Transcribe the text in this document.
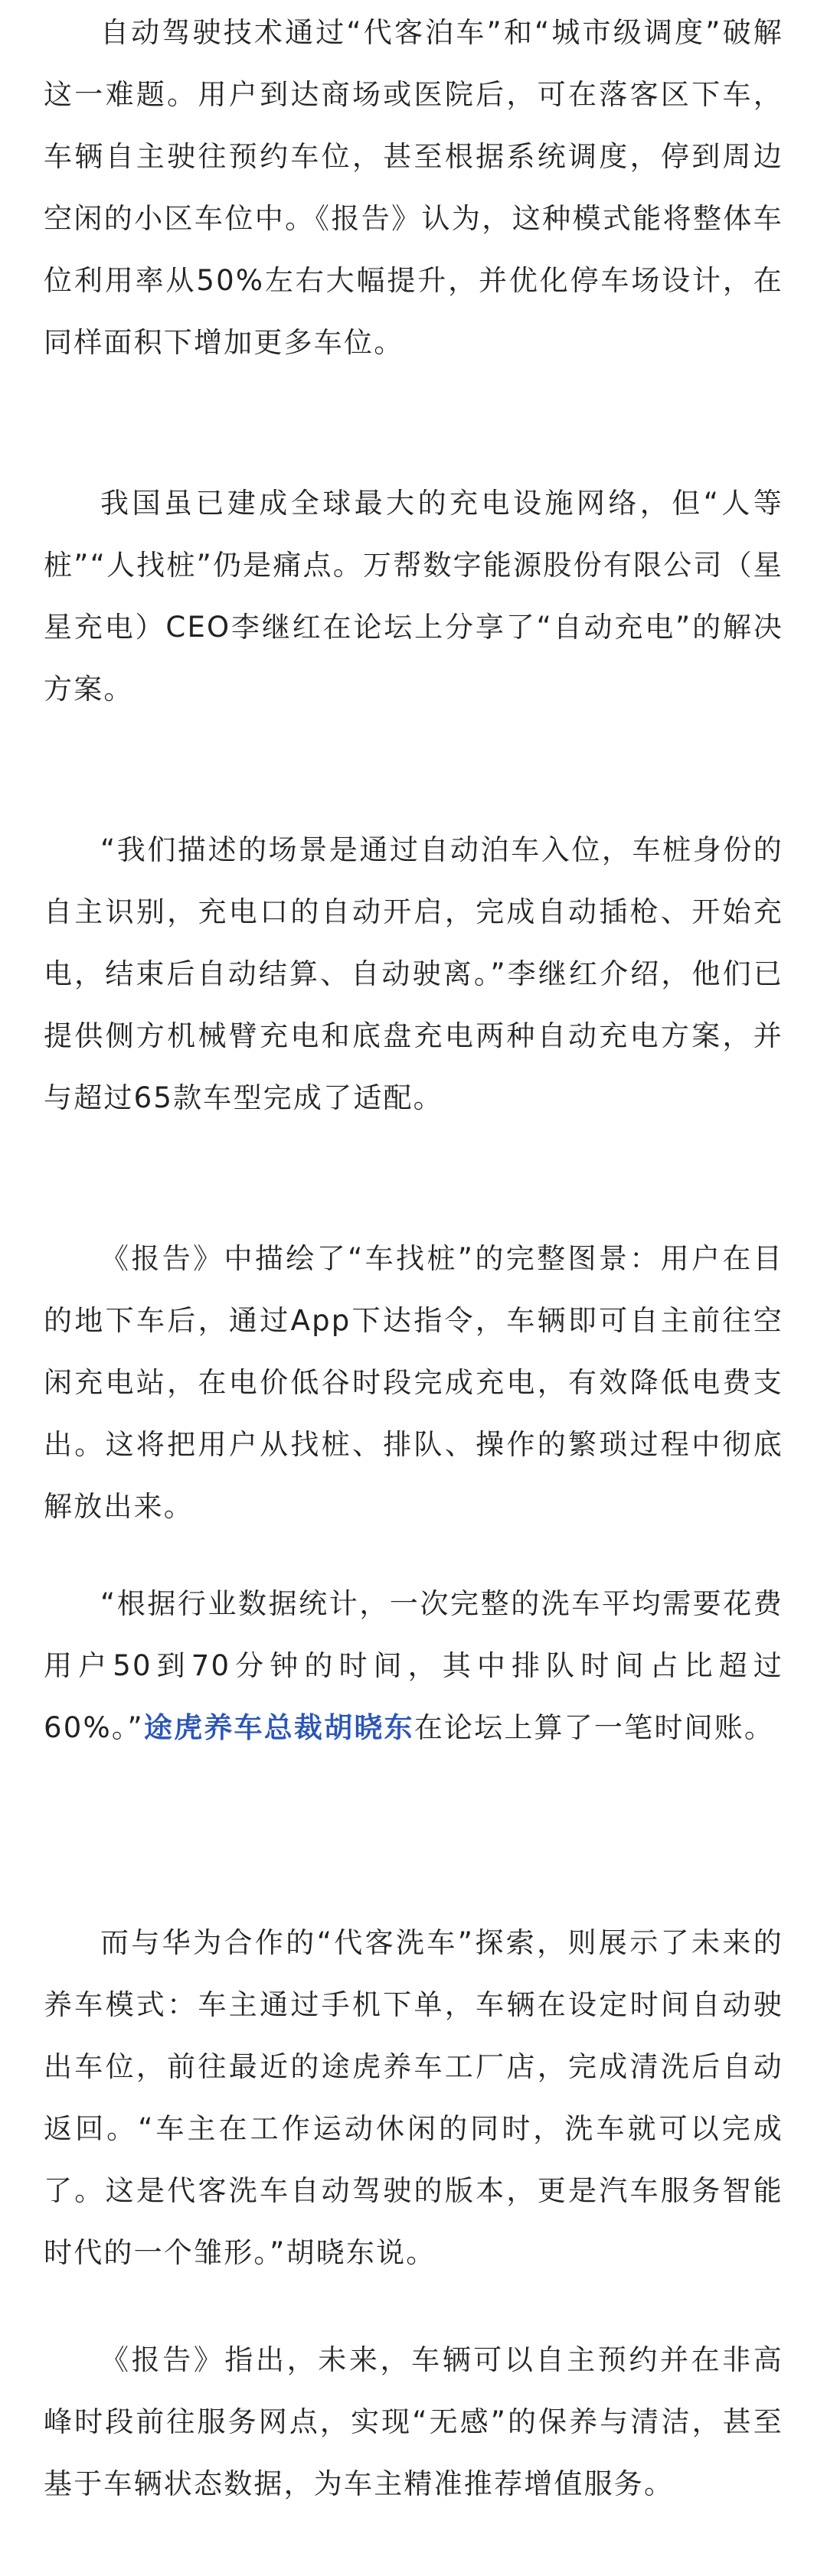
自动驾驶技术通过“代客泊车”和“城市级调度”破解这一难题。用户到达商场或医院后，可在落客区下车，车辆自主驶往预约车位，甚至根据系统调度，停到周边空闲的小区车位中。《报告》认为，这种模式能将整体车位利用率从50%左右大幅提升，并优化停车场设计，在同样面积下增加更多车位。

我国虽已建成全球最大的充电设施网络，但“人等桩”“人找桩”仍是痛点。万帮数字能源股份有限公司（星星充电）CEO李继红在论坛上分享了“自动充电”的解决方案。

“我们描述的场景是通过自动泊车入位，车桩身份的自主识别，充电口的自动开启，完成自动插枪、开始充电，结束后自动结算、自动驶离。”李继红介绍，他们已提供侧方机械臂充电和底盘充电两种自动充电方案，并与超过65款车型完成了适配。

《报告》中描绘了“车找桩”的完整图景：用户在目的地下车后，通过App下达指令，车辆即可自主前往空闲充电站，在电价低谷时段完成充电，有效降低电费支出。这将把用户从找桩、排队、操作的繁琐过程中彻底解放出来。

“根据行业数据统计，一次完整的洗车平均需要花费用户50到70分钟的时间，其中排队时间占比超过60%。”途虎养车总裁胡晓东在论坛上算了一笔时间账。

而与华为合作的“代客洗车”探索，则展示了未来的养车模式：车主通过手机下单，车辆在设定时间自动驶出车位，前往最近的途虎养车工厂店，完成清洗后自动返回。“车主在工作运动休闲的同时，洗车就可以完成了。这是代客洗车自动驾驶的版本，更是汽车服务智能时代的一个雏形。”胡晓东说。

《报告》指出，未来，车辆可以自主预约并在非高峰时段前往服务网点，实现“无感”的保养与清洁，甚至基于车辆状态数据，为车主精准推荐增值服务。
